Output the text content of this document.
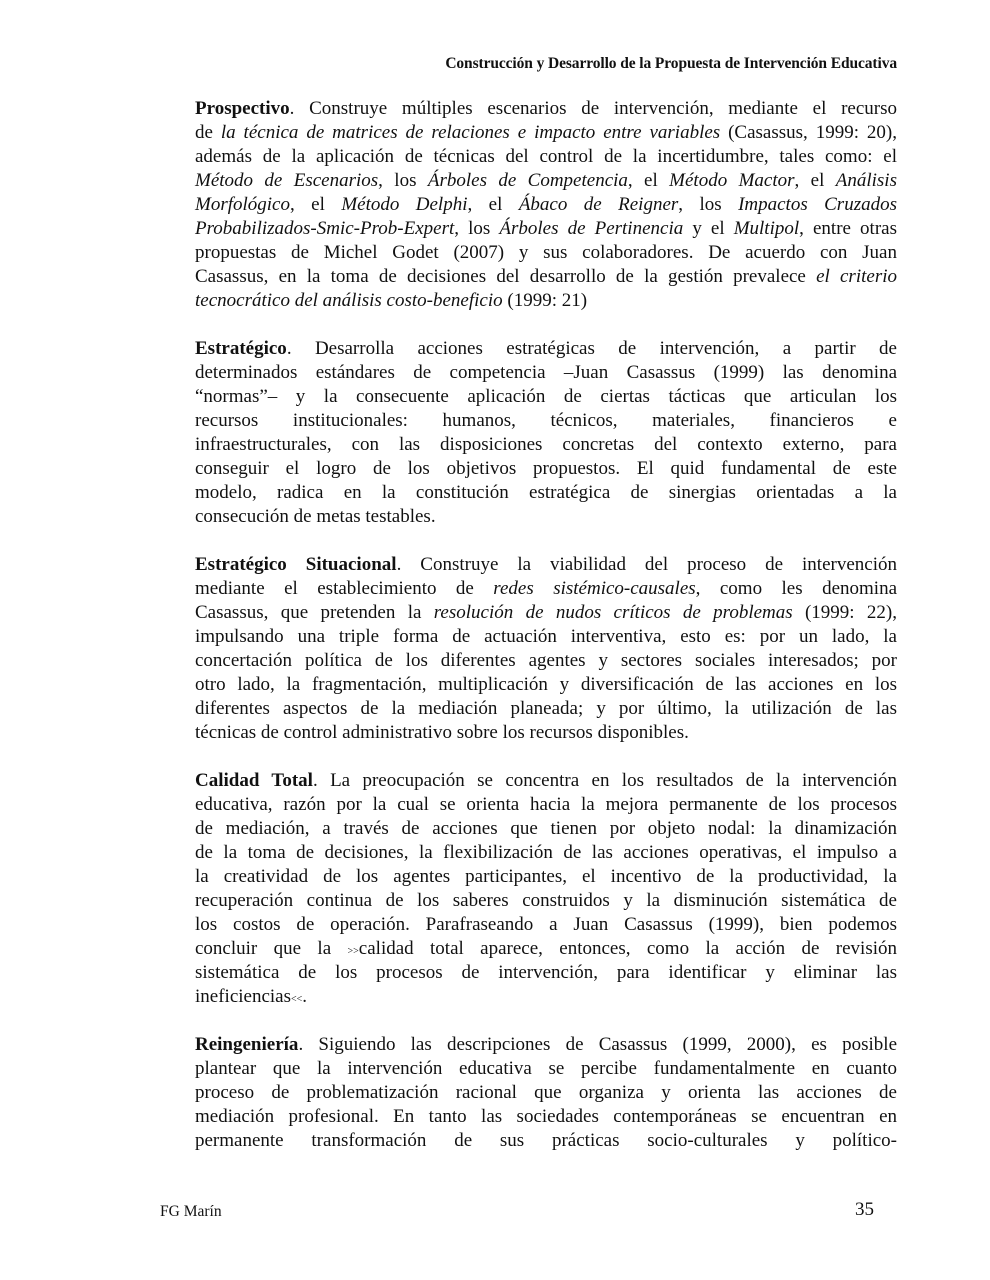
Construcción y Desarrollo de la Propuesta de Intervención Educativa
Prospectivo. Construye múltiples escenarios de intervención, mediante el recurso
de la técnica de matrices de relaciones e impacto entre variables (Casassus, 1999: 20),
además de la aplicación de técnicas del control de la incertidumbre, tales como: el
Método de Escenarios, los Árboles de Competencia, el Método Mactor, el Análisis
Morfológico, el Método Delphi, el Ábaco de Reigner, los Impactos Cruzados
Probabilizados-Smic-Prob-Expert, los Árboles de Pertinencia y el Multipol, entre otras
propuestas de Michel Godet (2007) y sus colaboradores. De acuerdo con Juan
Casassus, en la toma de decisiones del desarrollo de la gestión prevalece el criterio
tecnocrático del análisis costo-beneficio (1999: 21)
Estratégico. Desarrolla acciones estratégicas de intervención, a partir de
determinados estándares de competencia –Juan Casassus (1999) las denomina
“normas”– y la consecuente aplicación de ciertas tácticas que articulan los
recursos institucionales: humanos, técnicos, materiales, financieros e
infraestructurales, con las disposiciones concretas del contexto externo, para
conseguir el logro de los objetivos propuestos. El quid fundamental de este
modelo, radica en la constitución estratégica de sinergias orientadas a la
consecución de metas testables.
Estratégico Situacional. Construye la viabilidad del proceso de intervención
mediante el establecimiento de redes sistémico-causales, como les denomina
Casassus, que pretenden la resolución de nudos críticos de problemas (1999: 22),
impulsando una triple forma de actuación interventiva, esto es: por un lado, la
concertación política de los diferentes agentes y sectores sociales interesados; por
otro lado, la fragmentación, multiplicación y diversificación de las acciones en los
diferentes aspectos de la mediación planeada; y por último, la utilización de las
técnicas de control administrativo sobre los recursos disponibles.
Calidad Total. La preocupación se concentra en los resultados de la intervención
educativa, razón por la cual se orienta hacia la mejora permanente de los procesos
de mediación, a través de acciones que tienen por objeto nodal: la dinamización
de la toma de decisiones, la flexibilización de las acciones operativas, el impulso a
la creatividad de los agentes participantes, el incentivo de la productividad, la
recuperación continua de los saberes construidos y la disminución sistemática de
los costos de operación. Parafraseando a Juan Casassus (1999), bien podemos
concluir que la >>calidad total aparece, entonces, como la acción de revisión
sistemática de los procesos de intervención, para identificar y eliminar las
ineficiencias<<.
Reingeniería. Siguiendo las descripciones de Casassus (1999, 2000), es posible
plantear que la intervención educativa se percibe fundamentalmente en cuanto
proceso de problematización racional que organiza y orienta las acciones de
mediación profesional. En tanto las sociedades contemporáneas se encuentran en
permanente transformación de sus prácticas socio-culturales y político-
FG Marín	35
